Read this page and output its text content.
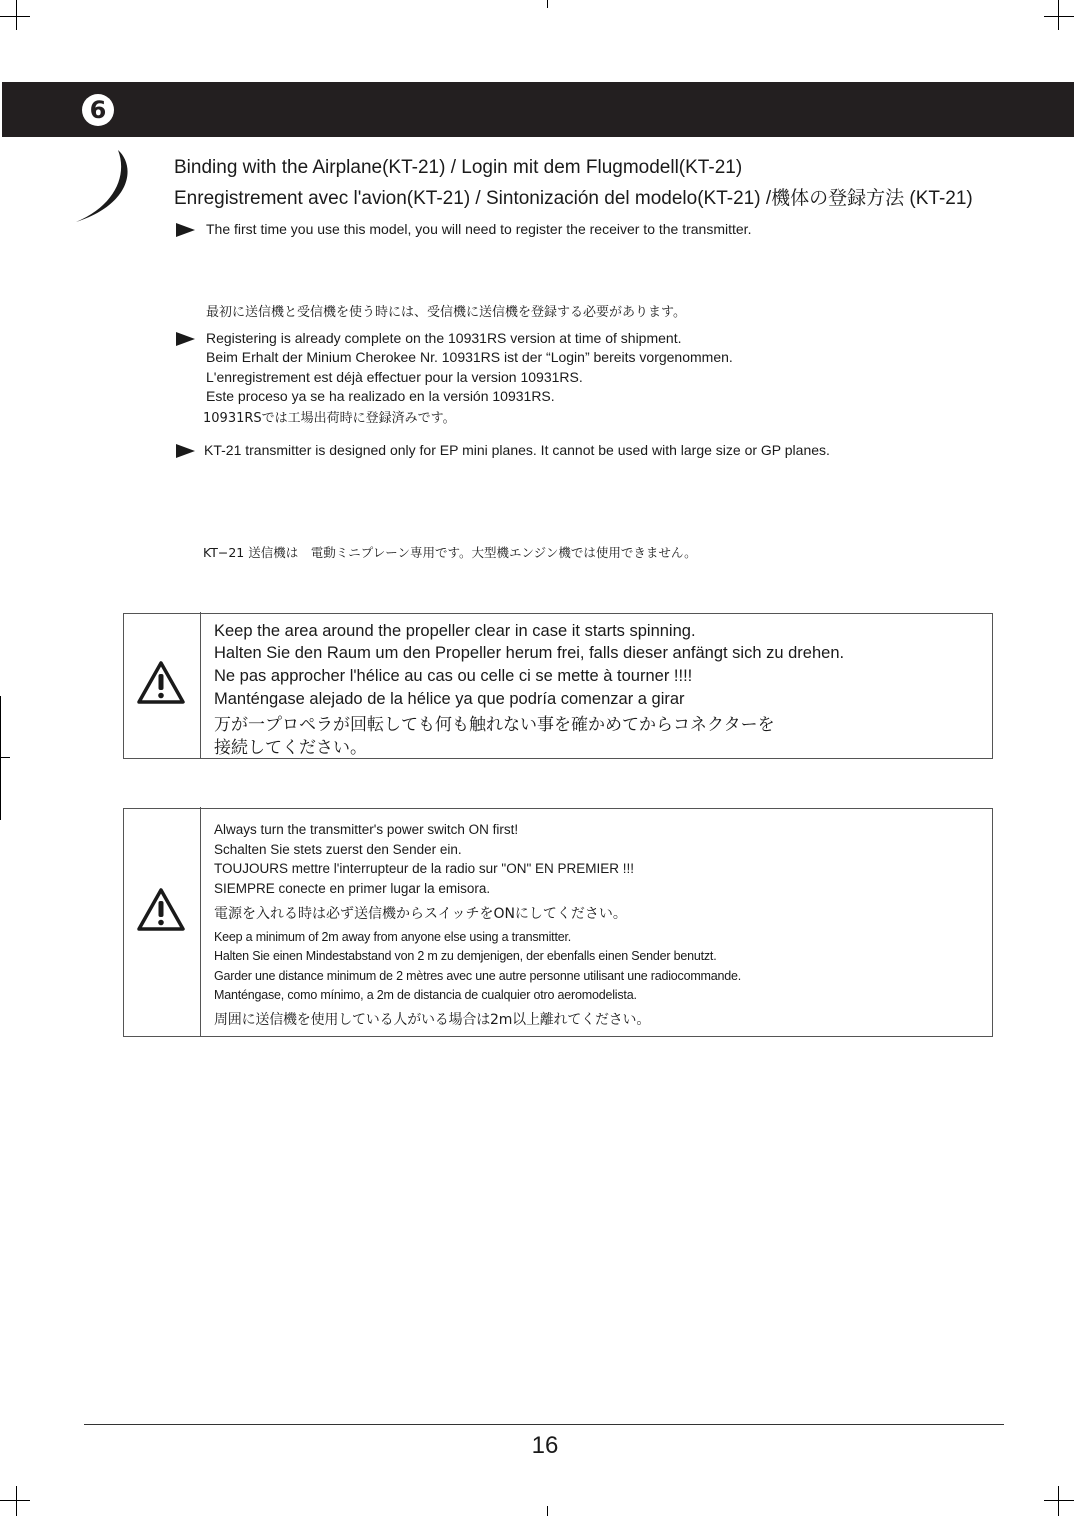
6
Binding with the Airplane(KT-21) / Login mit dem Flugmodell(KT-21)
Enregistrement avec l'avion(KT-21) / Sintonización del modelo(KT-21) /機体の登録方法 (KT-21)
The first time you use this model, you will need to register the receiver to the transmitter.
最初に送信機と受信機を使う時には、受信機に送信機を登録する必要があります。
Registering is already complete on the 10931RS version at time of shipment.
Beim Erhalt der Minium Cherokee Nr. 10931RS ist der “Login” bereits vorgenommen.
L'enregistrement est déjà effectuer pour la version 10931RS.
Este proceso ya se ha realizado en la versión 10931RS.
10931RSでは工場出荷時に登録済みです。
KT-21 transmitter is designed only for EP mini planes. It cannot be used with large size or GP planes.
KT−21 送信機は　電動ミニプレーン専用です。大型機エンジン機では使用できません。
Keep the area around the propeller clear in case it starts spinning.
Halten Sie den Raum um den Propeller herum frei, falls dieser anfängt sich zu drehen.
Ne pas approcher l'hélice au cas ou celle ci se mette à tourner !!!!
Manténgase alejado de la hélice ya que podría comenzar a girar
万が一プロペラが回転しても何も触れない事を確かめてからコネクターを
接続してください。
Always turn the transmitter's power switch ON first!
Schalten Sie stets zuerst den Sender ein.
TOUJOURS mettre l'interrupteur de la radio sur "ON" EN PREMIER !!!
SIEMPRE conecte en primer lugar la emisora.
電源を入れる時は必ず送信機からスイッチをONにしてください。
Keep a minimum of 2m away from anyone else using a transmitter.
Halten Sie einen Mindestabstand von 2 m zu demjenigen, der ebenfalls einen Sender benutzt.
Garder une distance minimum de 2 mètres avec une autre personne utilisant une radiocommande.
Manténgase, como mínimo, a 2m de distancia de cualquier otro aeromodelista.
周囲に送信機を使用している人がいる場合は2m以上離れてください。
16
